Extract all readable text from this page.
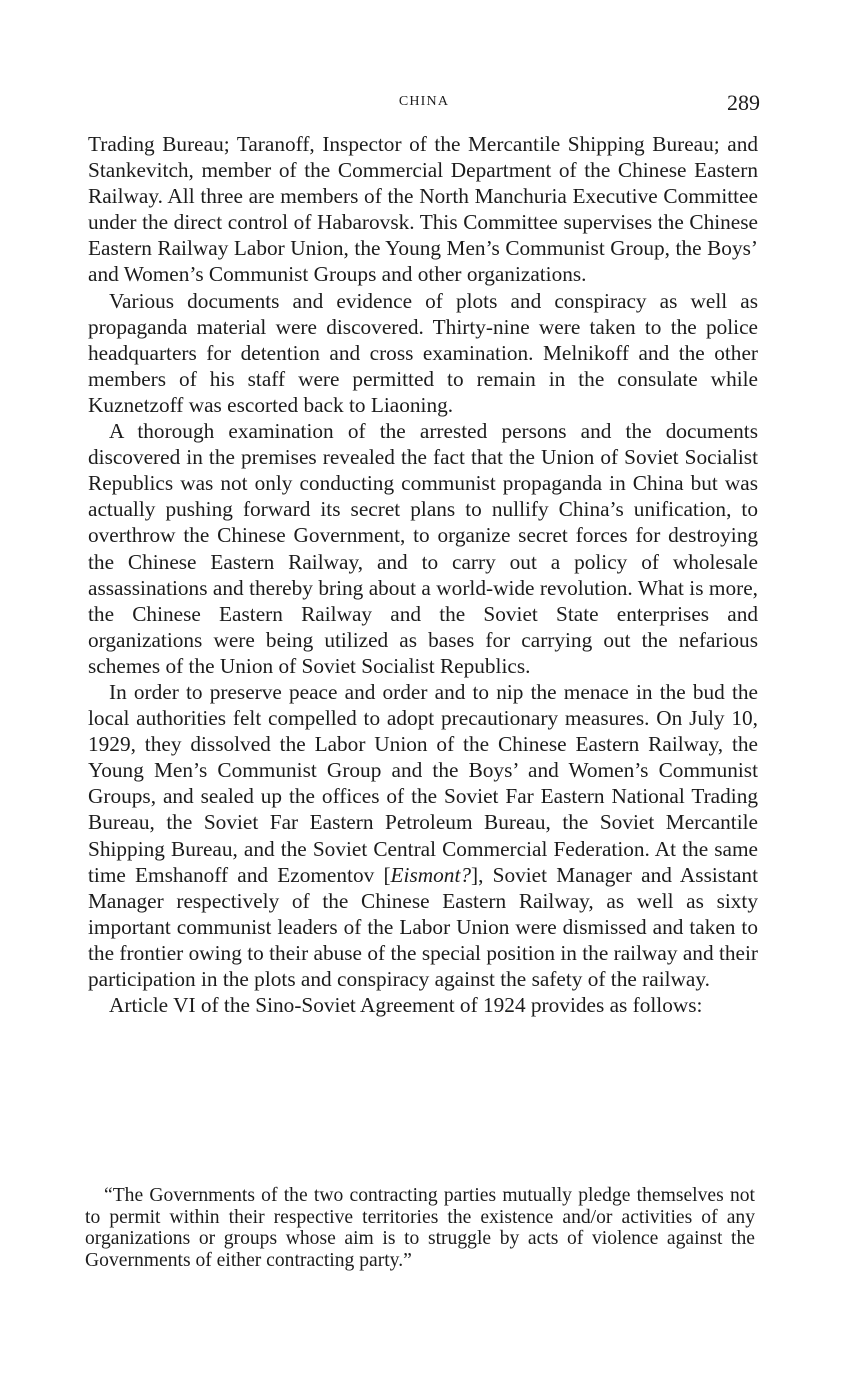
CHINA	289

Trading Bureau; Taranoff, Inspector of the Mercantile Shipping Bureau; and Stankevitch, member of the Commercial Department of the Chinese Eastern Railway. All three are members of the North Manchuria Executive Committee under the direct control of Habarovsk. This Committee supervises the Chinese Eastern Railway Labor Union, the Young Men’s Communist Group, the Boys’ and Women’s Communist Groups and other organizations.

Various documents and evidence of plots and conspiracy as well as propaganda material were discovered. Thirty-nine were taken to the police headquarters for detention and cross examination. Melnikoff and the other members of his staff were permitted to remain in the consulate while Kuznetzoff was escorted back to Liaoning.

A thorough examination of the arrested persons and the documents discovered in the premises revealed the fact that the Union of Soviet Socialist Republics was not only conducting communist propaganda in China but was actually pushing forward its secret plans to nullify China’s unification, to overthrow the Chinese Government, to organize secret forces for destroying the Chinese Eastern Railway, and to carry out a policy of wholesale assassinations and thereby bring about a world-wide revolution. What is more, the Chinese Eastern Railway and the Soviet State enterprises and organizations were being utilized as bases for carrying out the nefarious schemes of the Union of Soviet Socialist Republics.

In order to preserve peace and order and to nip the menace in the bud the local authorities felt compelled to adopt precautionary measures. On July 10, 1929, they dissolved the Labor Union of the Chinese Eastern Railway, the Young Men’s Communist Group and the Boys’ and Women’s Communist Groups, and sealed up the offices of the Soviet Far Eastern National Trading Bureau, the Soviet Far Eastern Petroleum Bureau, the Soviet Mercantile Shipping Bureau, and the Soviet Central Commercial Federation. At the same time Emshanoff and Ezomentov [Eismont?], Soviet Manager and Assistant Manager respectively of the Chinese Eastern Railway, as well as sixty important communist leaders of the Labor Union were dismissed and taken to the frontier owing to their abuse of the special position in the railway and their participation in the plots and conspiracy against the safety of the railway.

Article VI of the Sino-Soviet Agreement of 1924 provides as follows:

“The Governments of the two contracting parties mutually pledge themselves not to permit within their respective territories the existence and/or activities of any organizations or groups whose aim is to struggle by acts of violence against the Governments of either contracting party.”
